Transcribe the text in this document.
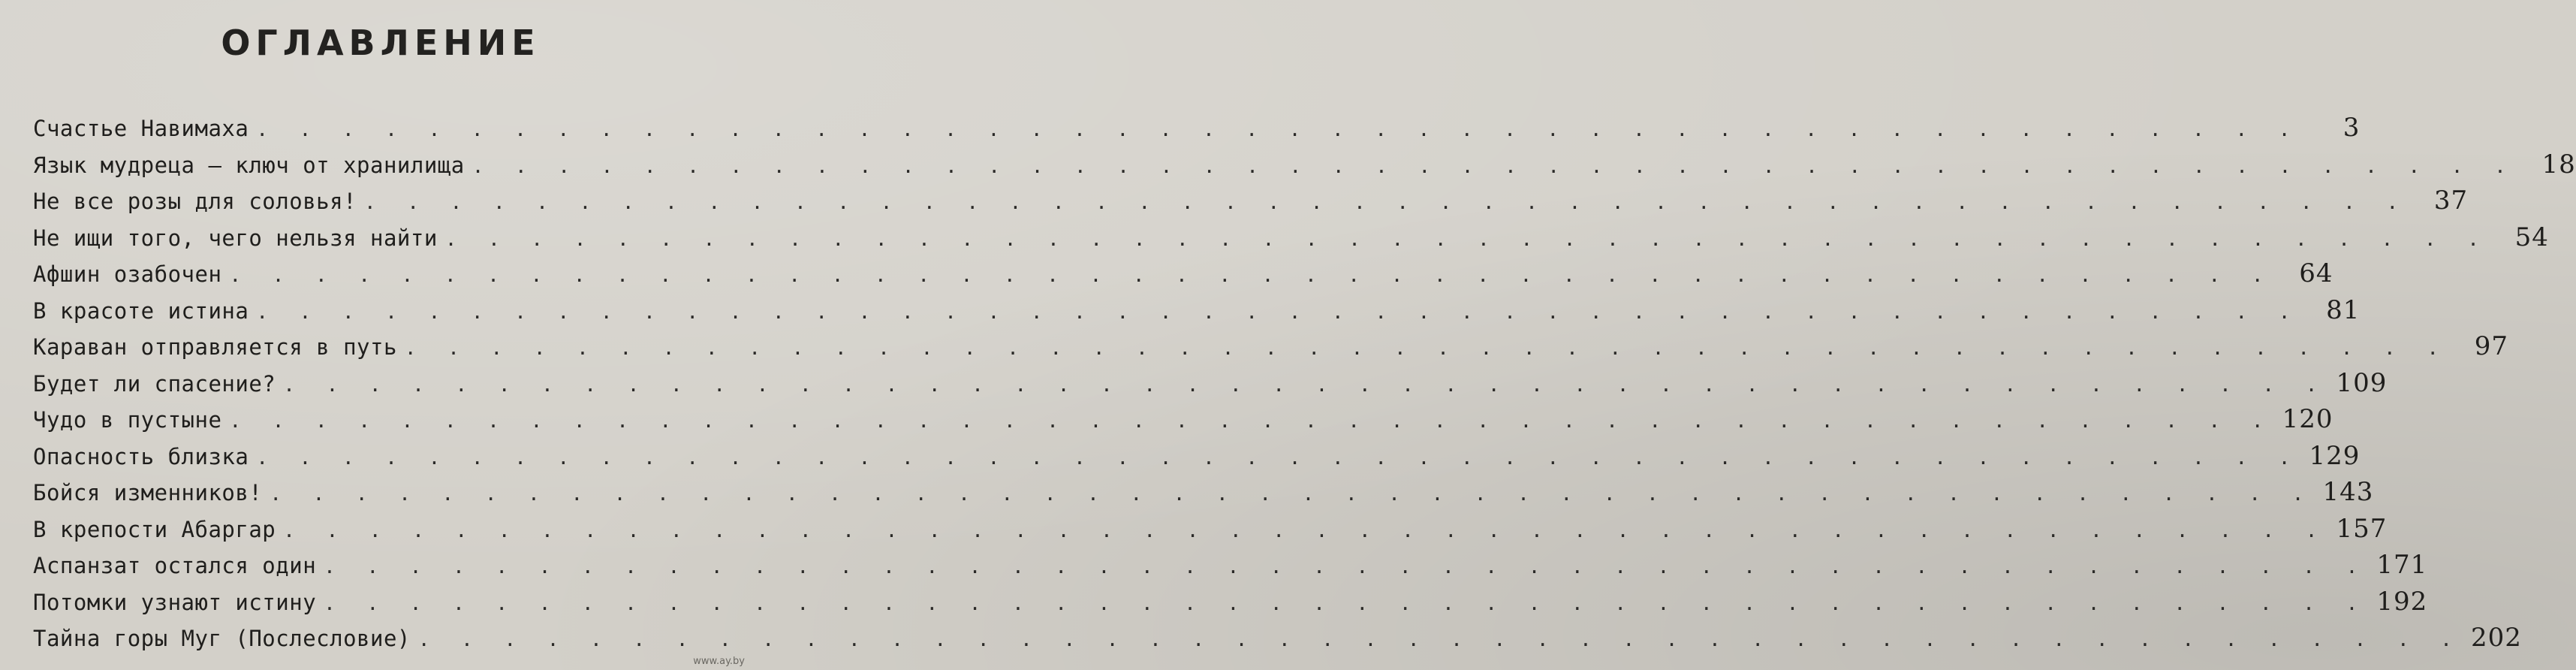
ОГЛАВЛЕНИЕ
Счастье Навимаха . . . . . . . . . . . . . . . . . . . . . . . . . . . . . . . . . . . . . . . . . . . . . . . .	3
Язык мудреца — ключ от хранилища . . . . . . . . . . . . . . . . . . . . . . . . . . . . . . . . . . . . . . . . . . . . . . . .	18
Не все розы для соловья! . . . . . . . . . . . . . . . . . . . . . . . . . . . . . . . . . . . . . . . . . . . . . . . .	37
Не ищи того, чего нельзя найти . . . . . . . . . . . . . . . . . . . . . . . . . . . . . . . . . . . . . . . . . . . . . . . .	54
Афшин озабочен . . . . . . . . . . . . . . . . . . . . . . . . . . . . . . . . . . . . . . . . . . . . . . . .	64
В красоте истина . . . . . . . . . . . . . . . . . . . . . . . . . . . . . . . . . . . . . . . . . . . . . . . .	81
Караван отправляется в путь . . . . . . . . . . . . . . . . . . . . . . . . . . . . . . . . . . . . . . . . . . . . . . . .	97
Будет ли спасение? . . . . . . . . . . . . . . . . . . . . . . . . . . . . . . . . . . . . . . . . . . . . . . . . 109
Чудо в пустыне . . . . . . . . . . . . . . . . . . . . . . . . . . . . . . . . . . . . . . . . . . . . . . . . 120
Опасность близка . . . . . . . . . . . . . . . . . . . . . . . . . . . . . . . . . . . . . . . . . . . . . . . . 129
Бойся изменников! . . . . . . . . . . . . . . . . . . . . . . . . . . . . . . . . . . . . . . . . . . . . . . . . 143
В крепости Абаргар . . . . . . . . . . . . . . . . . . . . . . . . . . . . . . . . . . . . . . . . . . . . . . . . 157
Аспанзат остался один . . . . . . . . . . . . . . . . . . . . . . . . . . . . . . . . . . . . . . . . . . . . . . . . 171
Потомки узнают истину . . . . . . . . . . . . . . . . . . . . . . . . . . . . . . . . . . . . . . . . . . . . . . . . 192
Тайна горы Муг (Послесловие) . . . . . . . . . . . . . . . . . . . . . . . . . . . . . . . . . . . . . . . . . . . . . . . . 202
www.ay.by
